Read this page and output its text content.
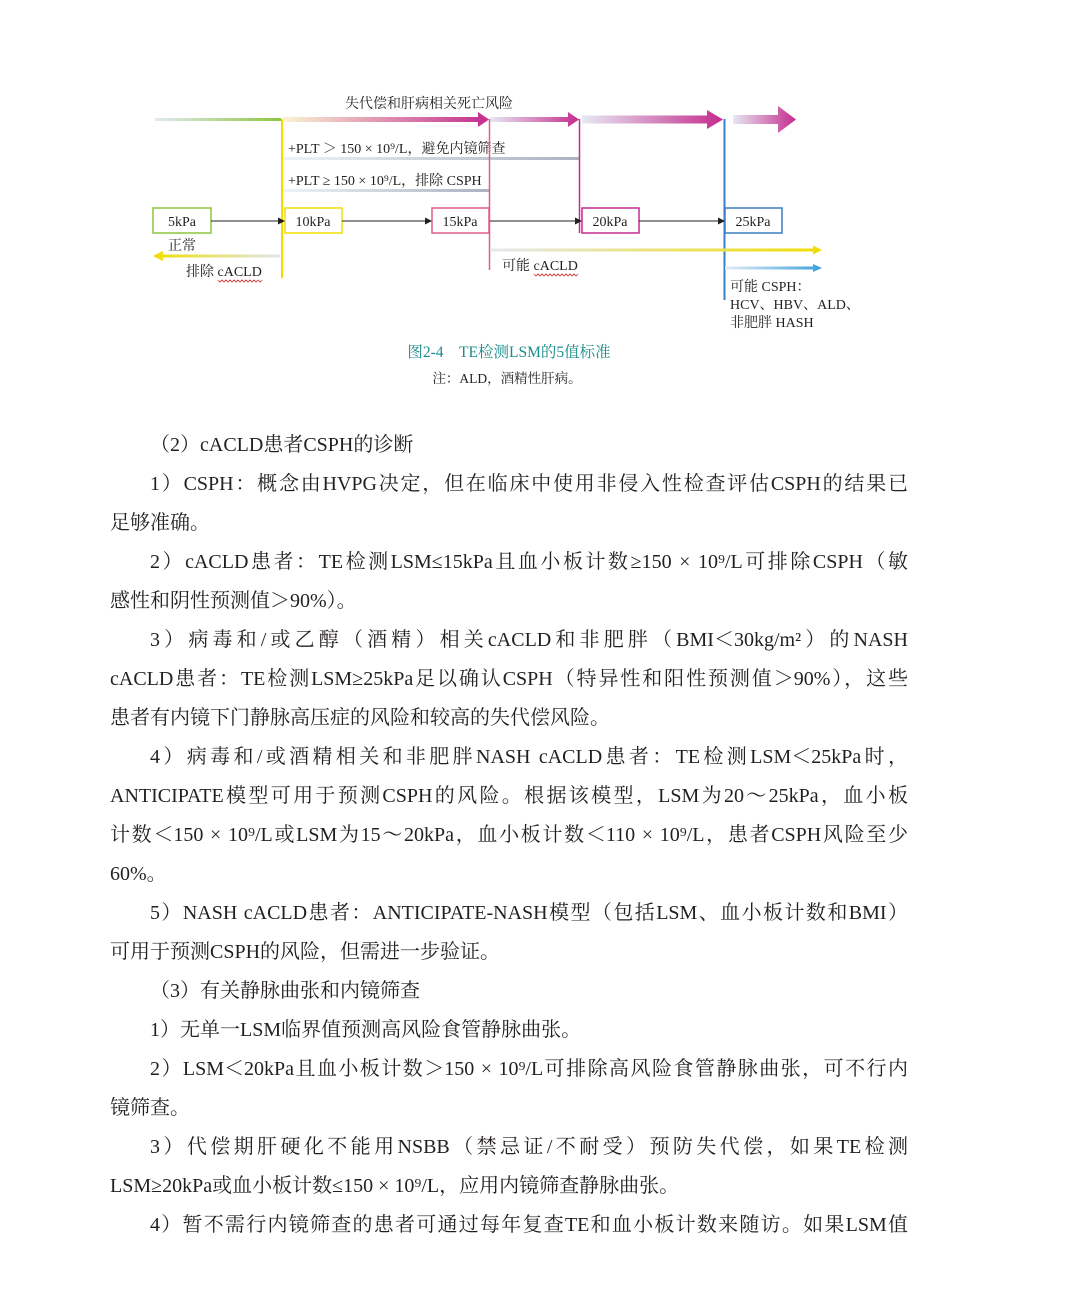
失代偿和肝病相关死亡风险
+PLT ＞ 150 × 10⁹/L，避免内镜筛查
+PLT ≥ 150 × 10⁹/L，排除 CSPH
5kPa	10kPa	15kPa	20kPa	25kPa
正常
排除 cACLD	可能 cACLD
可能 CSPH：
HCV、HBV、ALD、
非肥胖 HASH
图2-4　TE检测LSM的5值标准
注：ALD，酒精性肝病。
（2）cACLD患者CSPH的诊断
1）CSPH：概念由HVPG决定，但在临床中使用非侵入性检查评估CSPH的结果已
足够准确。
2）cACLD患者：TE检测LSM≤15kPa且血小板计数≥150 × 10⁹/L可排除CSPH（敏
感性和阴性预测值＞90%）。
3）病毒和/或乙醇（酒精）相关cACLD和非肥胖（BMI＜30kg/m²）的NASH
cACLD患者：TE检测LSM≥25kPa足以确认CSPH（特异性和阳性预测值＞90%），这些
患者有内镜下门静脉高压症的风险和较高的失代偿风险。
4）病毒和/或酒精相关和非肥胖NASH cACLD患者：TE检测LSM＜25kPa时，
ANTICIPATE模型可用于预测CSPH的风险。根据该模型，LSM为20～25kPa，血小板
计数＜150 × 10⁹/L或LSM为15～20kPa，血小板计数＜110 × 10⁹/L，患者CSPH风险至少
60%。
5）NASH cACLD患者：ANTICIPATE-NASH模型（包括LSM、血小板计数和BMI）
可用于预测CSPH的风险，但需进一步验证。
（3）有关静脉曲张和内镜筛查
1）无单一LSM临界值预测高风险食管静脉曲张。
2）LSM＜20kPa且血小板计数＞150 × 10⁹/L可排除高风险食管静脉曲张，可不行内
镜筛查。
3）代偿期肝硬化不能用NSBB（禁忌证/不耐受）预防失代偿，如果TE检测
LSM≥20kPa或血小板计数≤150 × 10⁹/L，应用内镜筛查静脉曲张。
4）暂不需行内镜筛查的患者可通过每年复查TE和血小板计数来随访。如果LSM值
